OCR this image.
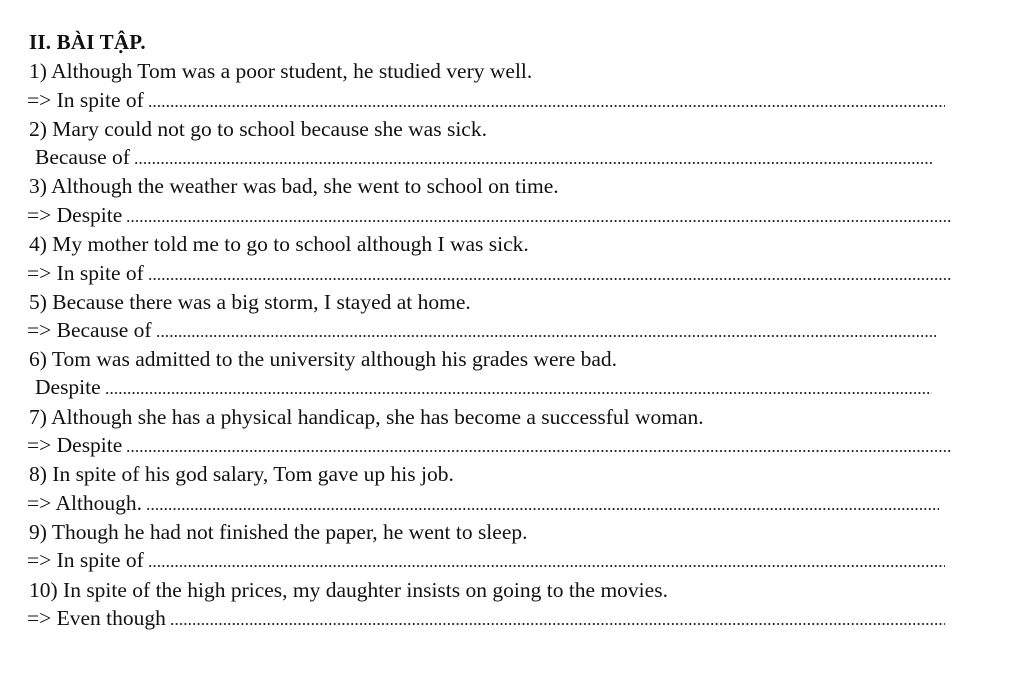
II. BÀI TẬP.
1) Although Tom was a poor student, he studied very well.
=> In spite of
2) Mary could not go to school because she was sick.
Because of
3) Although the weather was bad, she went to school on time.
=> Despite
4) My mother told me to go to school although I was sick.
=> In spite of
5) Because there was a big storm, I stayed at home.
=> Because of
6) Tom was admitted to the university although his grades were bad.
Despite
7) Although she has a physical handicap, she has become a successful woman.
=> Despite
8) In spite of his god salary, Tom gave up his job.
=> Although.
9) Though he had not finished the paper, he went to sleep.
=> In spite of
10) In spite of the high prices, my daughter insists on going to the movies.
=> Even though
